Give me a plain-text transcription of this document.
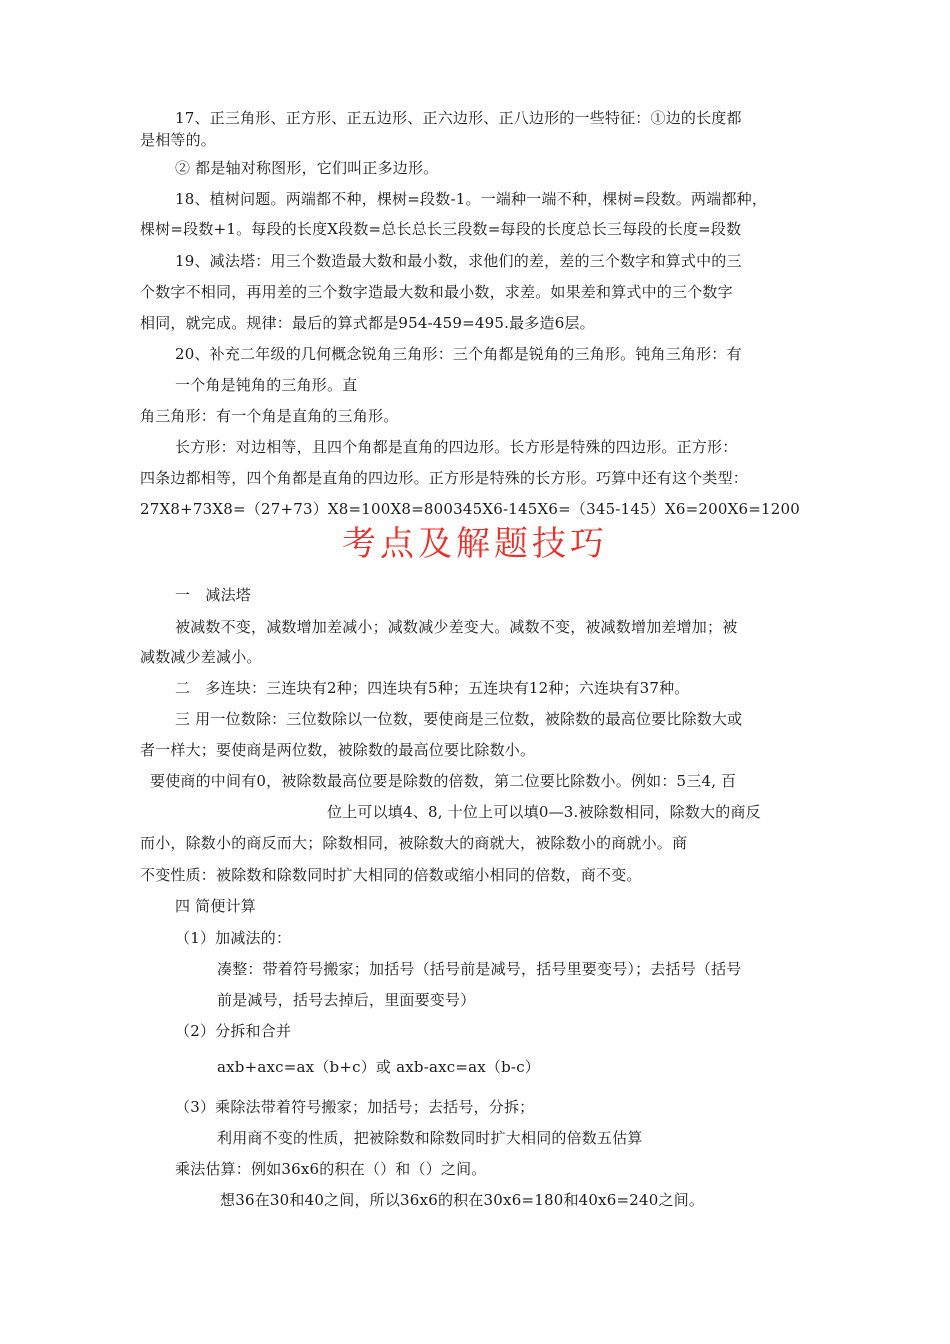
17、正三角形、正方形、正五边形、正六边形、正八边形的一些特征：①边的长度都
是相等的。
② 都是轴对称图形，它们叫正多边形。
18、植树问题。两端都不种，棵树=段数-1。一端种一端不种，棵树=段数。两端都种，
棵树=段数+1。每段的长度Ⅹ段数=总长总长三段数=每段的长度总长三每段的长度=段数
19、减法塔：用三个数造最大数和最小数，求他们的差，差的三个数字和算式中的三
个数字不相同，再用差的三个数字造最大数和最小数，求差。如果差和算式中的三个数字
相同，就完成。规律：最后的算式都是954-459=495.最多造6层。
20、补充二年级的几何概念锐角三角形：三个角都是锐角的三角形。钝角三角形：有
一个角是钝角的三角形。直
角三角形：有一个角是直角的三角形。
长方形：对边相等，且四个角都是直角的四边形。长方形是特殊的四边形。正方形：
四条边都相等，四个角都是直角的四边形。正方形是特殊的长方形。巧算中还有这个类型：
27Ⅹ8+73Ⅹ8=（27+73）Ⅹ8=100Ⅹ8=800345Ⅹ6-145Ⅹ6=（345-145）Ⅹ6=200Ⅹ6=1200
考点及解题技巧
一　减法塔
被减数不变，减数增加差减小；减数减少差变大。减数不变，被减数增加差增加；被
减数减少差减小。
二　多连块：三连块有2种；四连块有5种；五连块有12种；六连块有37种。
三 用一位数除：三位数除以一位数，要使商是三位数，被除数的最高位要比除数大或
者一样大；要使商是两位数，被除数的最高位要比除数小。
要使商的中间有0，被除数最高位要是除数的倍数，第二位要比除数小。例如：5三4, 百
位上可以填4、8, 十位上可以填0—3.被除数相同，除数大的商反
而小，除数小的商反而大；除数相同，被除数大的商就大，被除数小的商就小。商
不变性质：被除数和除数同时扩大相同的倍数或缩小相同的倍数，商不变。
四 简便计算
（1）加减法的：
凑整：带着符号搬家；加括号（括号前是减号，括号里要变号）；去括号（括号
前是减号，括号去掉后，里面要变号）
（2）分拆和合并
axb+axc=ax（b+c）或 axb-axc=ax（b-c）
（3）乘除法带着符号搬家；加括号；去括号，分拆；
利用商不变的性质，把被除数和除数同时扩大相同的倍数五估算
乘法估算：例如36x6的积在（）和（）之间。
想36在30和40之间，所以36x6的积在30x6=180和40x6=240之间。
